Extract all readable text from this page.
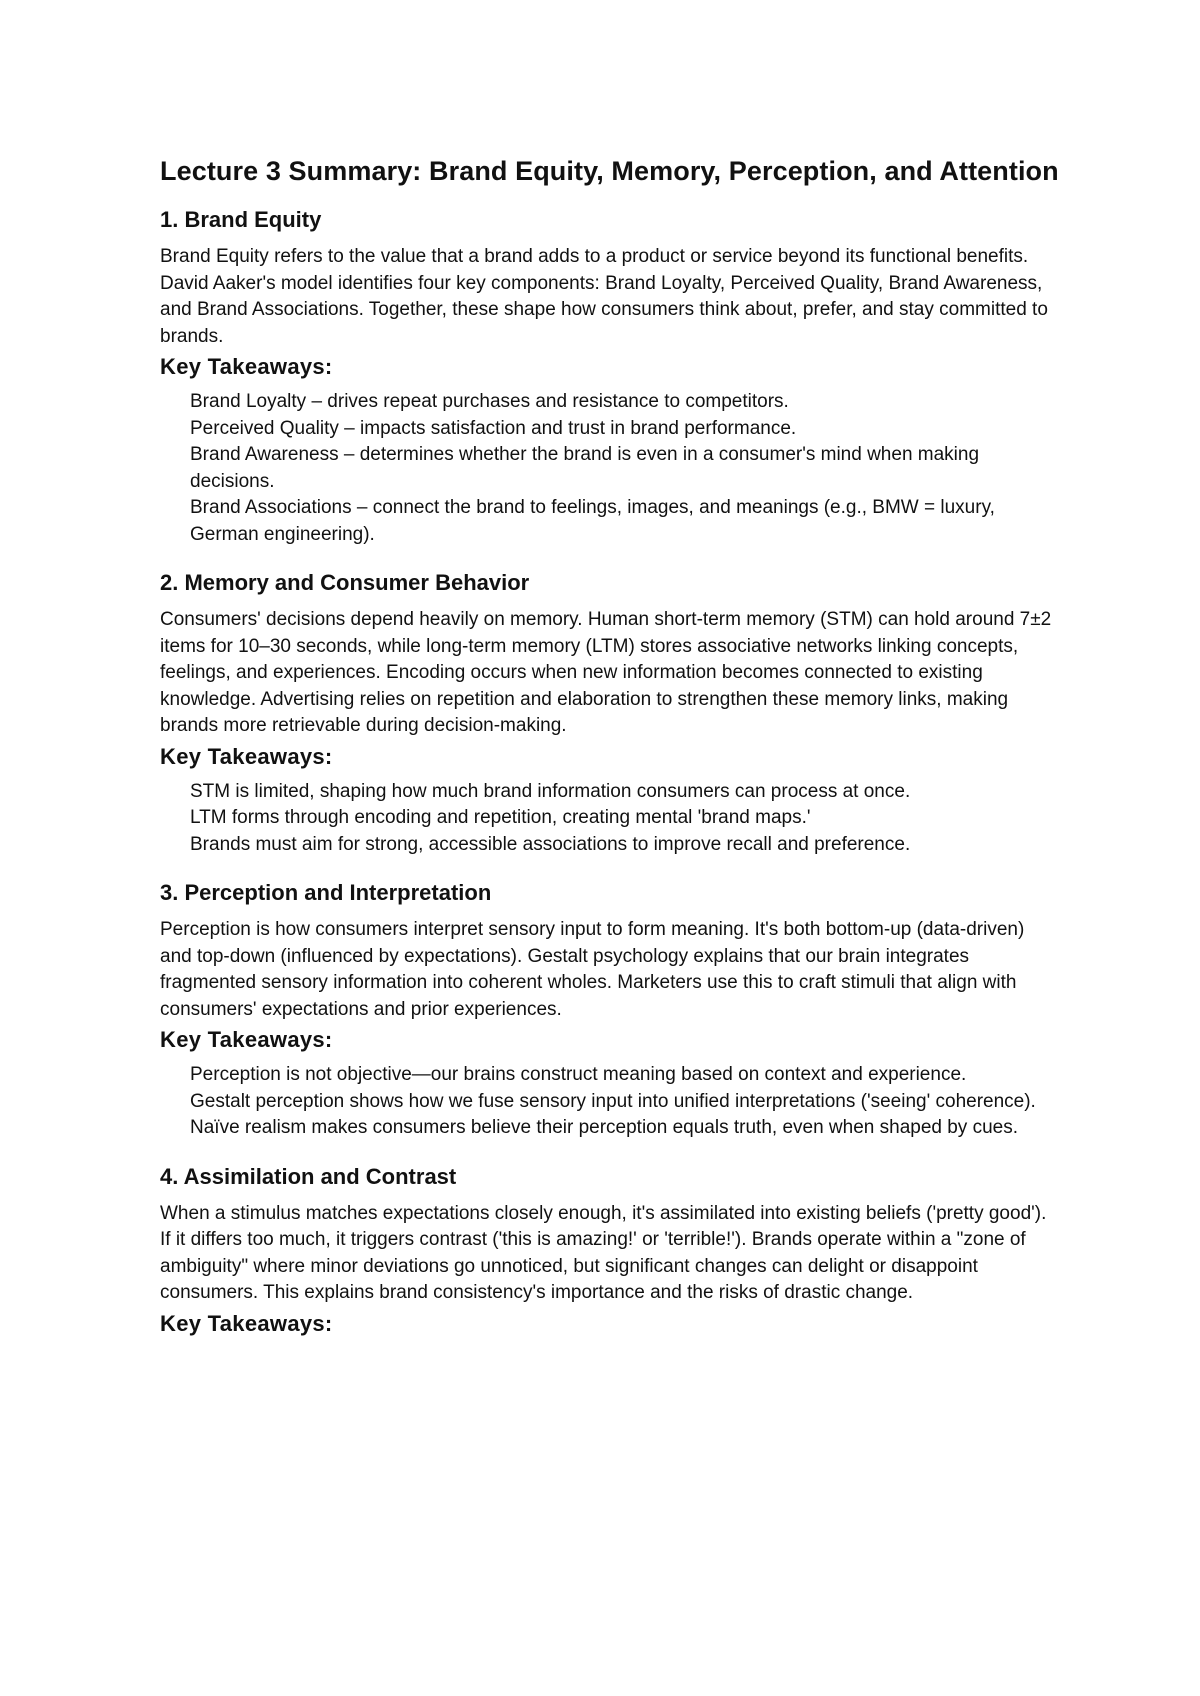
Lecture 3 Summary: Brand Equity, Memory, Perception, and Attention
1. Brand Equity

Brand Equity refers to the value that a brand adds to a product or service beyond its functional benefits. David Aaker's model identifies four key components: Brand Loyalty, Perceived Quality, Brand Awareness, and Brand Associations. Together, these shape how consumers think about, prefer, and stay committed to brands.

Key Takeaways:
Brand Loyalty – drives repeat purchases and resistance to competitors.
Perceived Quality – impacts satisfaction and trust in brand performance.
Brand Awareness – determines whether the brand is even in a consumer's mind when making decisions.
Brand Associations – connect the brand to feelings, images, and meanings (e.g., BMW = luxury, German engineering).
2. Memory and Consumer Behavior

Consumers' decisions depend heavily on memory. Human short-term memory (STM) can hold around 7±2 items for 10–30 seconds, while long-term memory (LTM) stores associative networks linking concepts, feelings, and experiences. Encoding occurs when new information becomes connected to existing knowledge. Advertising relies on repetition and elaboration to strengthen these memory links, making brands more retrievable during decision-making.

Key Takeaways:
STM is limited, shaping how much brand information consumers can process at once.
LTM forms through encoding and repetition, creating mental 'brand maps.'
Brands must aim for strong, accessible associations to improve recall and preference.
3. Perception and Interpretation

Perception is how consumers interpret sensory input to form meaning. It's both bottom-up (data-driven) and top-down (influenced by expectations). Gestalt psychology explains that our brain integrates fragmented sensory information into coherent wholes. Marketers use this to craft stimuli that align with consumers' expectations and prior experiences.

Key Takeaways:
Perception is not objective—our brains construct meaning based on context and experience.
Gestalt perception shows how we fuse sensory input into unified interpretations ('seeing' coherence).
Naïve realism makes consumers believe their perception equals truth, even when shaped by cues.
4. Assimilation and Contrast

When a stimulus matches expectations closely enough, it's assimilated into existing beliefs ('pretty good'). If it differs too much, it triggers contrast ('this is amazing!' or 'terrible!'). Brands operate within a "zone of ambiguity" where minor deviations go unnoticed, but significant changes can delight or disappoint consumers. This explains brand consistency's importance and the risks of drastic change.

Key Takeaways:
